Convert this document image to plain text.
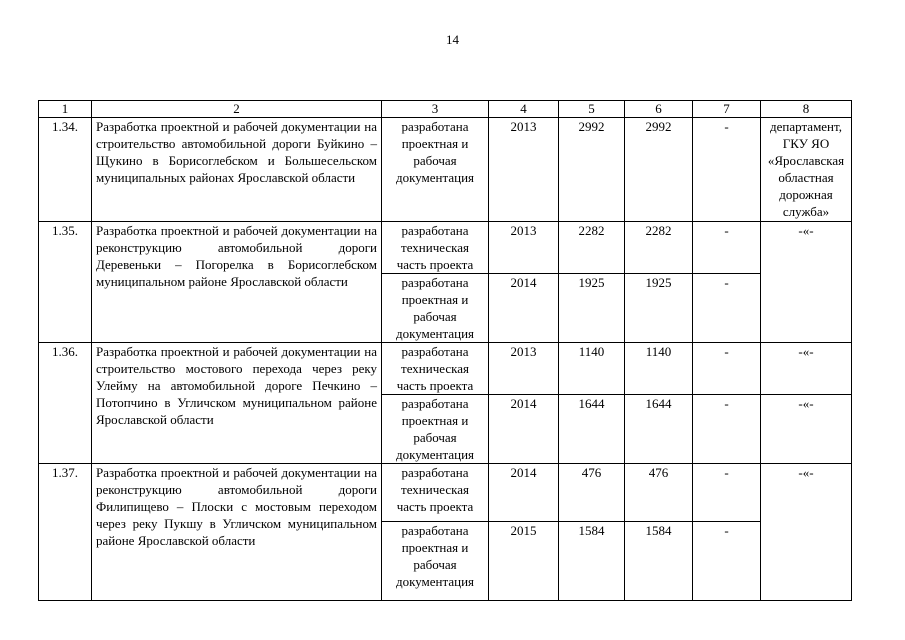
14
1	2	3	4	5	6	7	8
1.34.	Разработка проектной и рабочей документации на строительство автомобильной дороги Буйкино – Щукино в Борисоглебском и Большесельском муниципальных районах Ярославской области	разработана проектная и рабочая документация	2013	2992	2992	-	департамент, ГКУ ЯО «Ярославская областная дорожная служба»
1.35.	Разработка проектной и рабочей документации на реконструкцию автомобильной дороги Деревеньки – Погорелка в Борисоглебском муниципальном районе Ярославской области	разработана техническая часть проекта	2013	2282	2282	-	-«-
		разработана проектная и рабочая документация	2014	1925	1925	-	
1.36.	Разработка проектной и рабочей документации на строительство мостового перехода через реку Улейму на автомобильной дороге Печкино – Потопчино в Угличском муниципальном районе Ярославской области	разработана техническая часть проекта	2013	1140	1140	-	-«-
		разработана проектная и рабочая документация	2014	1644	1644	-	-«-
1.37.	Разработка проектной и рабочей документации на реконструкцию автомобильной дороги Филипищево – Плоски с мостовым переходом через реку Пукшу в Угличском муниципальном районе Ярославской области	разработана техническая часть проекта	2014	476	476	-	-«-
		разработана проектная и рабочая документация	2015	1584	1584	-	
